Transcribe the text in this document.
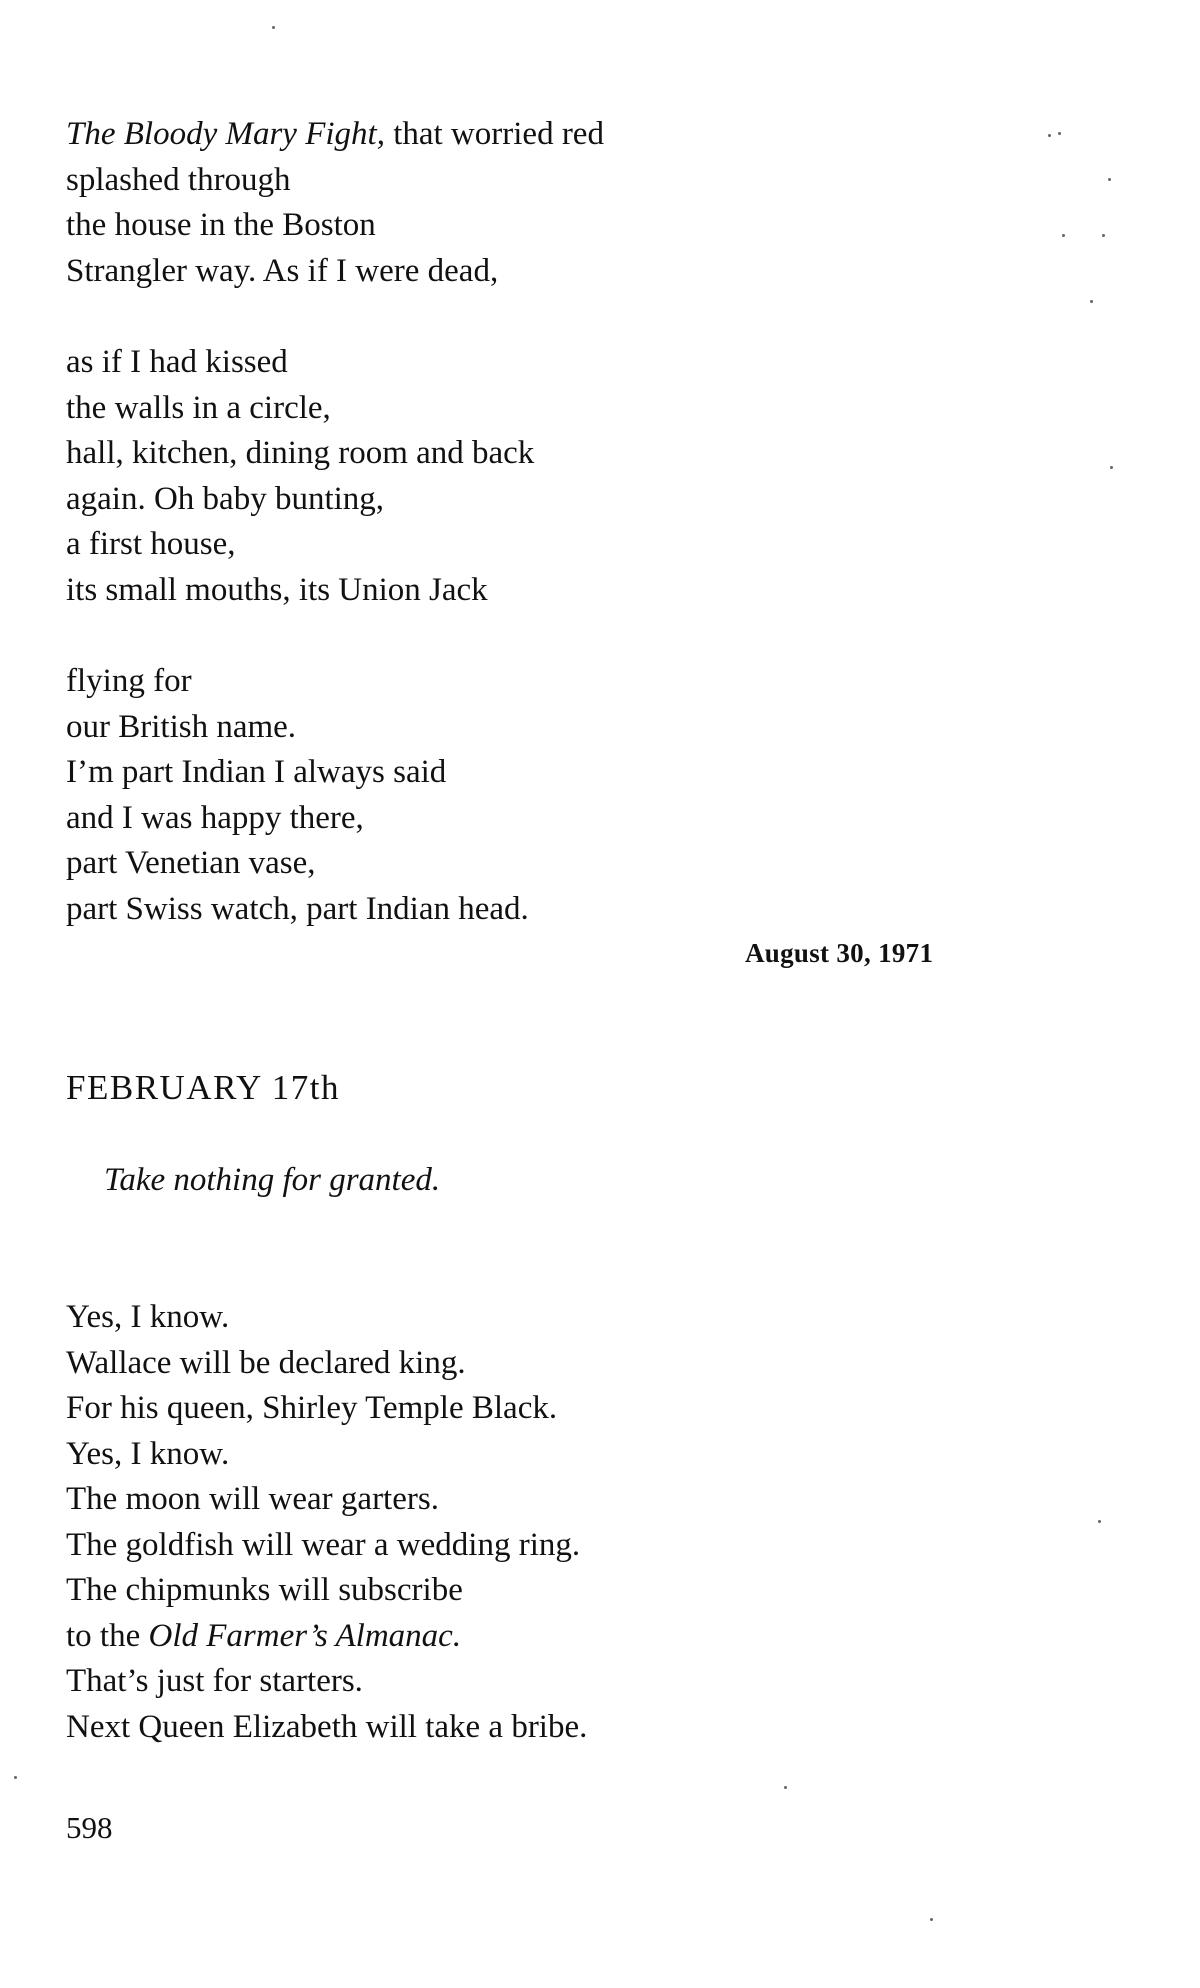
The Bloody Mary Fight, that worried red
splashed through
the house in the Boston
Strangler way. As if I were dead,
as if I had kissed
the walls in a circle,
hall, kitchen, dining room and back
again. Oh baby bunting,
a first house,
its small mouths, its Union Jack
flying for
our British name.
I’m part Indian I always said
and I was happy there,
part Venetian vase,
part Swiss watch, part Indian head.
August 30, 1971
FEBRUARY 17th
Take nothing for granted.
Yes, I know.
Wallace will be declared king.
For his queen, Shirley Temple Black.
Yes, I know.
The moon will wear garters.
The goldfish will wear a wedding ring.
The chipmunks will subscribe
to the Old Farmer’s Almanac.
That’s just for starters.
Next Queen Elizabeth will take a bribe.
598
